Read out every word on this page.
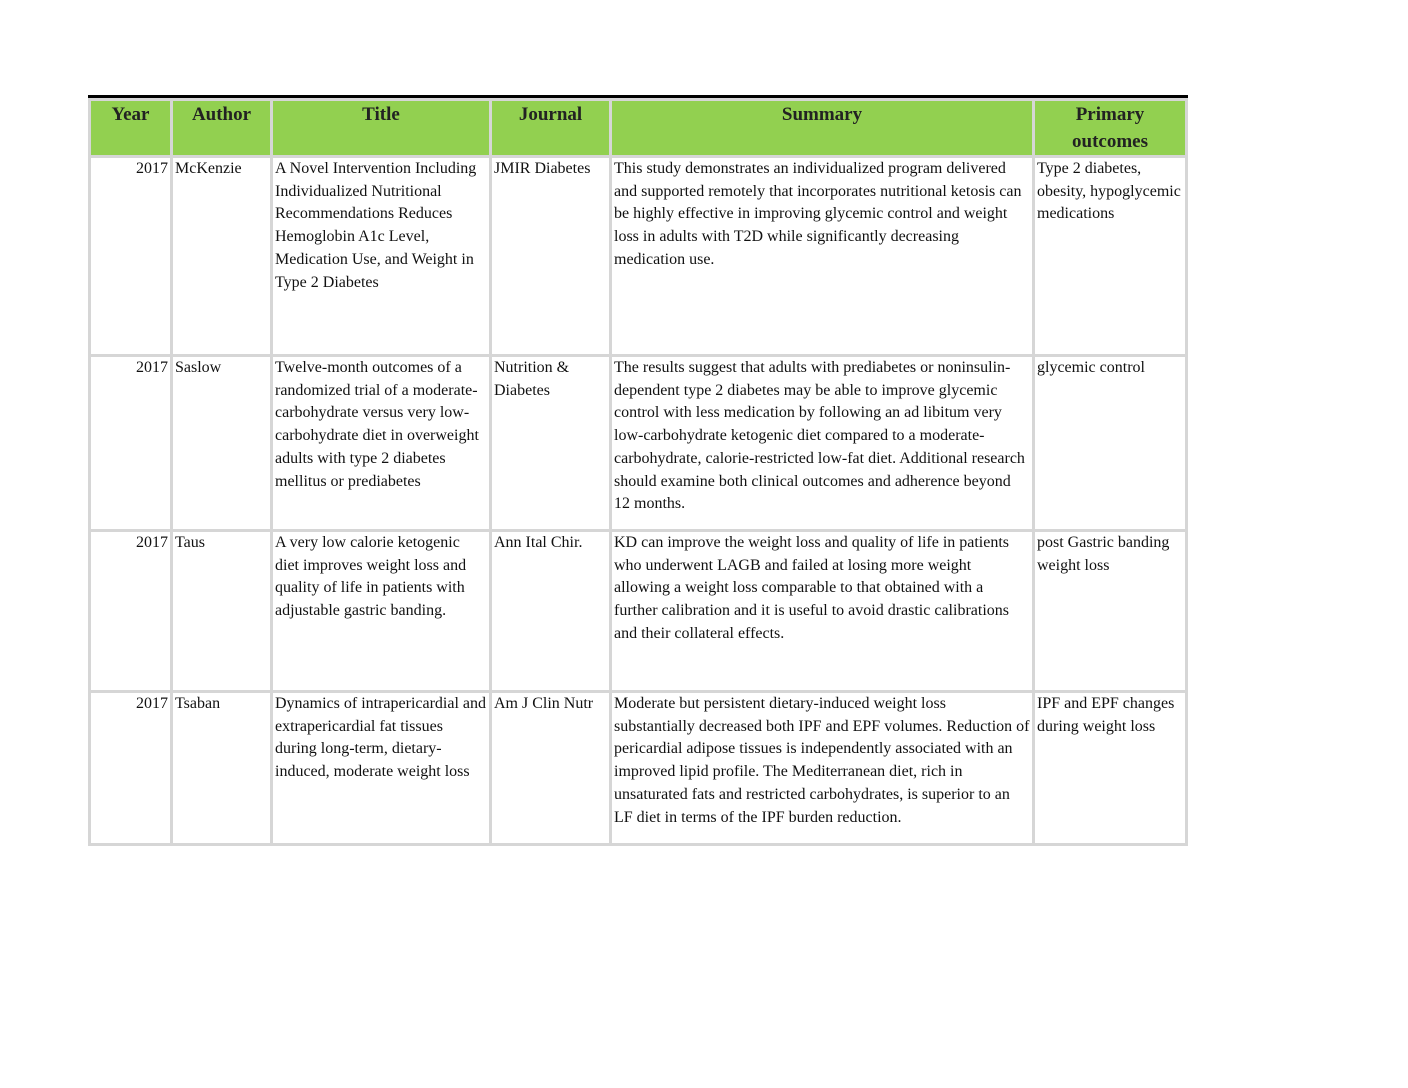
Year	Author	Title	Journal	Summary	Primary outcomes
2017	McKenzie	A Novel Intervention Including Individualized Nutritional Recommendations Reduces Hemoglobin A1c Level, Medication Use, and Weight in Type 2 Diabetes	JMIR Diabetes	This study demonstrates an individualized program delivered and supported remotely that incorporates nutritional ketosis can be highly effective in improving glycemic control and weight loss in adults with T2D while significantly decreasing medication use.	Type 2 diabetes, obesity, hypoglycemic medications
2017	Saslow	Twelve-month outcomes of a randomized trial of a moderate-carbohydrate versus very low-carbohydrate diet in overweight adults with type 2 diabetes mellitus or prediabetes	Nutrition & Diabetes	The results suggest that adults with prediabetes or noninsulin-dependent type 2 diabetes may be able to improve glycemic control with less medication by following an ad libitum very low-carbohydrate ketogenic diet compared to a moderate-carbohydrate, calorie-restricted low-fat diet. Additional research should examine both clinical outcomes and adherence beyond 12 months.	glycemic control
2017	Taus	A very low calorie ketogenic diet improves weight loss and quality of life in patients with adjustable gastric banding.	Ann Ital Chir.	KD can improve the weight loss and quality of life in patients who underwent LAGB and failed at losing more weight allowing a weight loss comparable to that obtained with a further calibration and it is useful to avoid drastic calibrations and their collateral effects.	post Gastric banding weight loss
2017	Tsaban	Dynamics of intrapericardial and extrapericardial fat tissues during long-term, dietary-induced, moderate weight loss	Am J Clin Nutr	Moderate but persistent dietary-induced weight loss substantially decreased both IPF and EPF volumes. Reduction of pericardial adipose tissues is independently associated with an improved lipid profile. The Mediterranean diet, rich in unsaturated fats and restricted carbohydrates, is superior to an LF diet in terms of the IPF burden reduction.	IPF and EPF changes during weight loss
